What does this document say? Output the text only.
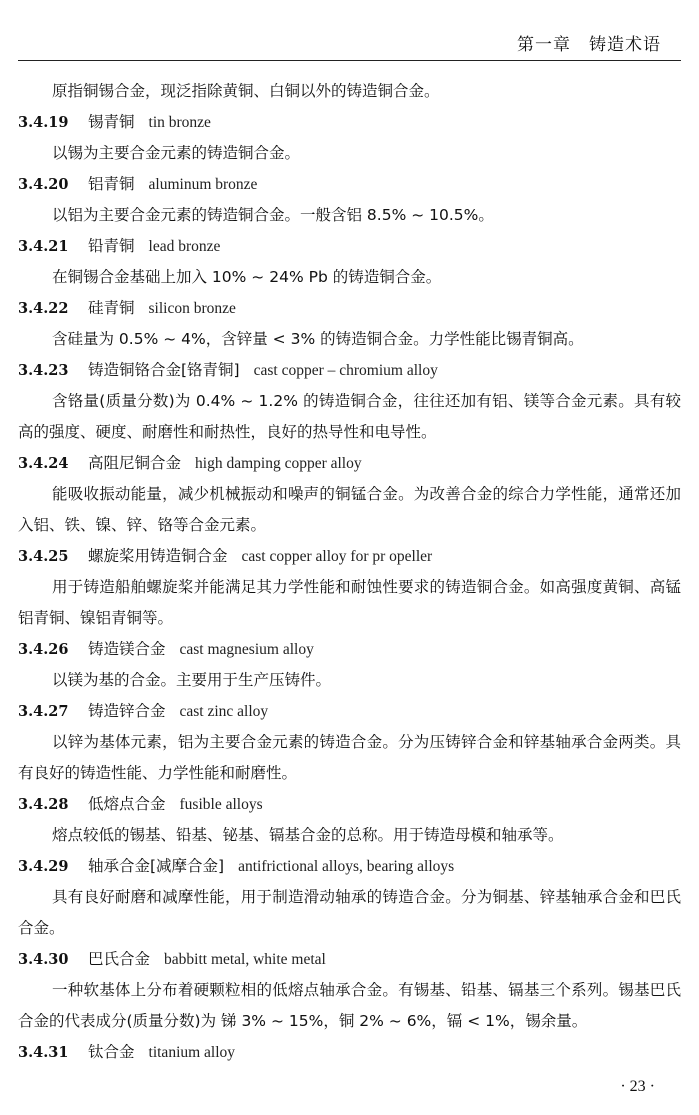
第一章　铸造术语

原指铜锡合金，现泛指除黄铜、白铜以外的铸造铜合金。

3.4.19 锡青铜 tin bronze

以锡为主要合金元素的铸造铜合金。

3.4.20 铝青铜 aluminum bronze

以铝为主要合金元素的铸造铜合金。一般含铝 8.5% ~ 10.5%。

3.4.21 铅青铜 lead bronze

在铜锡合金基础上加入 10% ~ 24% Pb 的铸造铜合金。

3.4.22 硅青铜 silicon bronze

含硅量为 0.5% ~ 4%，含锌量 < 3% 的铸造铜合金。力学性能比锡青铜高。

3.4.23 铸造铜铬合金[铬青铜] cast copper – chromium alloy

含铬量(质量分数)为 0.4% ~ 1.2% 的铸造铜合金，往往还加有铝、镁等合金元素。具有较高的强度、硬度、耐磨性和耐热性，良好的热导性和电导性。

3.4.24 高阻尼铜合金 high damping copper alloy

能吸收振动能量，减少机械振动和噪声的铜锰合金。为改善合金的综合力学性能，通常还加入铝、铁、镍、锌、铬等合金元素。

3.4.25 螺旋桨用铸造铜合金 cast copper alloy for pr opeller

用于铸造船舶螺旋桨并能满足其力学性能和耐蚀性要求的铸造铜合金。如高强度黄铜、高锰铝青铜、镍铝青铜等。

3.4.26 铸造镁合金 cast magnesium alloy

以镁为基的合金。主要用于生产压铸件。

3.4.27 铸造锌合金 cast zinc alloy

以锌为基体元素，铝为主要合金元素的铸造合金。分为压铸锌合金和锌基轴承合金两类。具有良好的铸造性能、力学性能和耐磨性。

3.4.28 低熔点合金 fusible alloys

熔点较低的锡基、铅基、铋基、镉基合金的总称。用于铸造母模和轴承等。

3.4.29 轴承合金[减摩合金] antifrictional alloys, bearing alloys

具有良好耐磨和减摩性能，用于制造滑动轴承的铸造合金。分为铜基、锌基轴承合金和巴氏合金。

3.4.30 巴氏合金 babbitt metal, white metal

一种软基体上分布着硬颗粒相的低熔点轴承合金。有锡基、铅基、镉基三个系列。锡基巴氏合金的代表成分(质量分数)为 锑 3% ~ 15%，铜 2% ~ 6%，镉 < 1%，锡余量。

3.4.31 钛合金 titanium alloy
· 23 ·
